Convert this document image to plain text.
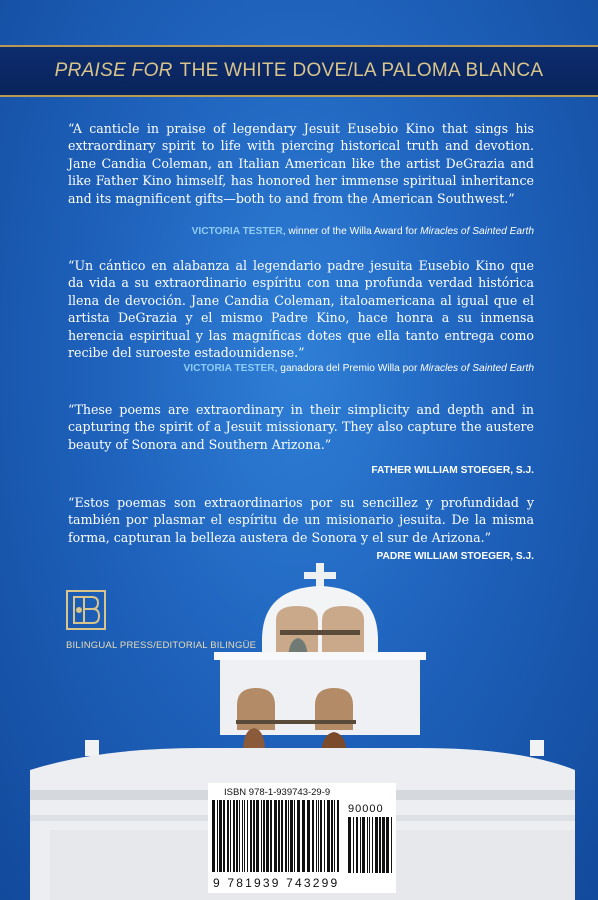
PRAISE FOR THE WHITE DOVE/LA PALOMA BLANCA

“A canticle in praise of legendary Jesuit Eusebio Kino that sings his extraordinary spirit to life with piercing historical truth and devotion. Jane Candia Coleman, an Italian American like the artist DeGrazia and like Father Kino himself, has honored her immense spiritual inheritance and its magnificent gifts—both to and from the American Southwest.”

VICTORIA TESTER, winner of the Willa Award for Miracles of Sainted Earth

“Un cántico en alabanza al legendario padre jesuita Eusebio Kino que da vida a su extraordinario espíritu con una profunda verdad histórica llena de devoción. Jane Candia Coleman, italoamericana al igual que el artista DeGrazia y el mismo Padre Kino, hace honra a su inmensa herencia espiritual y las magníficas dotes que ella tanto entrega como recibe del suroeste estadounidense.”

VICTORIA TESTER, ganadora del Premio Willa por Miracles of Sainted Earth

“These poems are extraordinary in their simplicity and depth and in capturing the spirit of a Jesuit missionary. They also capture the austere beauty of Sonora and Southern Arizona.”

FATHER WILLIAM STOEGER, S.J.

“Estos poemas son extraordinarios por su sencillez y profundidad y también por plasmar el espíritu de un misionario jesuita. De la misma forma, capturan la belleza austera de Sonora y el sur de Arizona.”

PADRE WILLIAM STOEGER, S.J.
BILINGUAL PRESS/EDITORIAL BILINGÜE
ISBN 978-1-939743-29-9
90000
9 781939 743299
